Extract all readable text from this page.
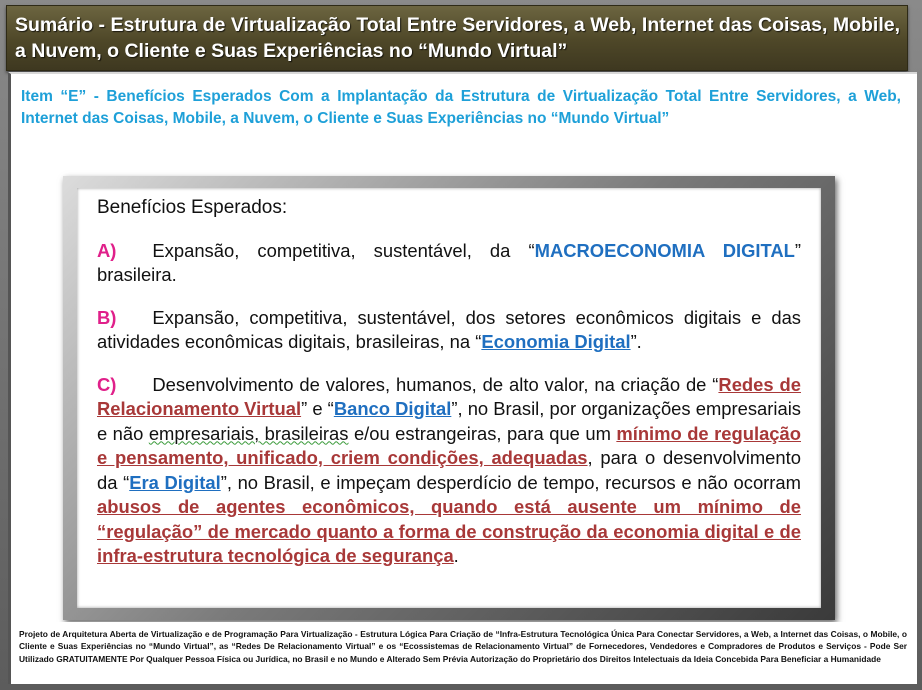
Sumário - Estrutura de Virtualização Total Entre Servidores, a Web, Internet das Coisas, Mobile, a Nuvem, o Cliente e Suas Experiências no “Mundo Virtual”
Item “E” - Benefícios Esperados Com a Implantação da Estrutura de Virtualização Total Entre Servidores, a Web, Internet das Coisas, Mobile, a Nuvem, o Cliente e Suas Experiências no “Mundo Virtual”
Benefícios Esperados:
A) Expansão, competitiva, sustentável, da “MACROECONOMIA DIGITAL” brasileira.
B) Expansão, competitiva, sustentável, dos setores econômicos digitais e das atividades econômicas digitais, brasileiras, na “Economia Digital”.
C) Desenvolvimento de valores, humanos, de alto valor, na criação de “Redes de Relacionamento Virtual” e “Banco Digital”, no Brasil, por organizações empresariais e não empresariais, brasileiras e/ou estrangeiras, para que um mínimo de regulação e pensamento, unificado, criem condições, adequadas, para o desenvolvimento da “Era Digital”, no Brasil, e impeçam desperdício de tempo, recursos e não ocorram abusos de agentes econômicos, quando está ausente um mínimo de “regulação” de mercado quanto a forma de construção da economia digital e de infra-estrutura tecnológica de segurança.
Projeto de Arquitetura Aberta de Virtualização e de Programação Para Virtualização - Estrutura Lógica Para Criação de “Infra-Estrutura Tecnológica Única Para Conectar Servidores, a Web, a Internet das Coisas, o Mobile, o Cliente e Suas Experiências no “Mundo Virtual”, as “Redes De Relacionamento Virtual” e os “Ecossistemas de Relacionamento Virtual” de Fornecedores, Vendedores e Compradores de Produtos e Serviços - Pode Ser Utilizado GRATUITAMENTE Por Qualquer Pessoa Física ou Jurídica, no Brasil e no Mundo e Alterado Sem Prévia Autorização do Proprietário dos Direitos Intelectuais da Ideia Concebida Para Beneficiar a Humanidade
